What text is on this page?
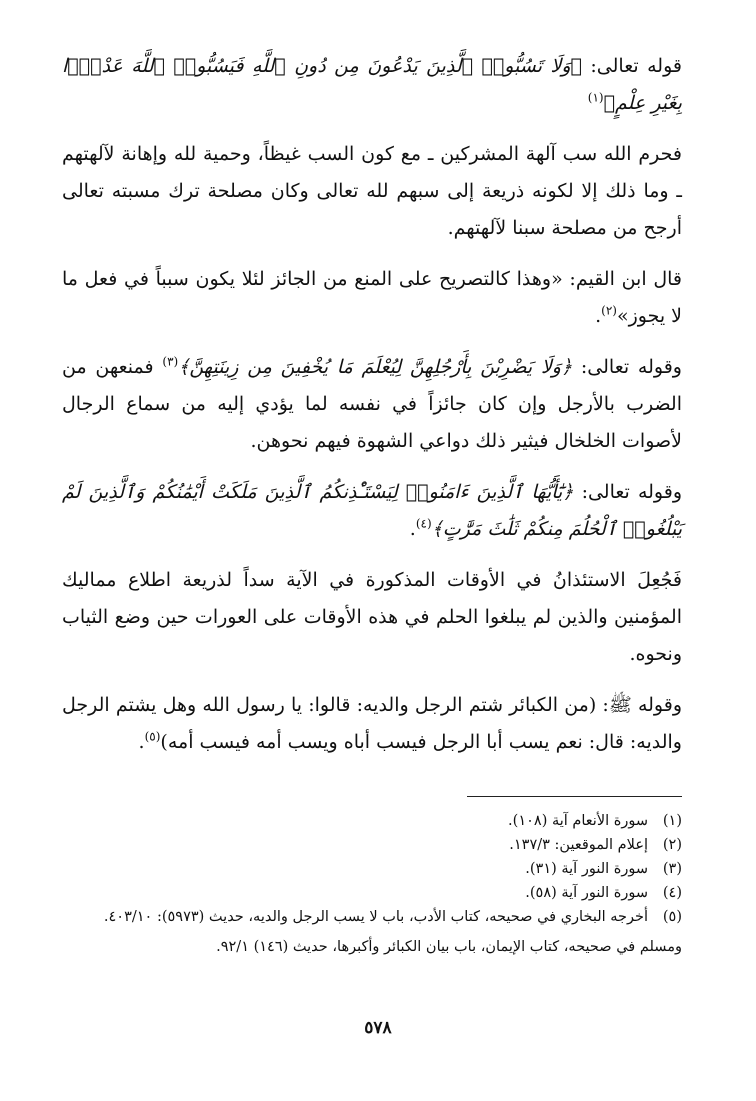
قوله تعالى: ﴿وَلَا تَسُبُّوا۟ ٱلَّذِينَ يَدْعُونَ مِن دُونِ ٱللَّهِ فَيَسُبُّوا۟ ٱللَّهَ عَدْوًۢا بِغَيْرِ عِلْمٍ﴾$^{(١)}$

فحرم الله سب آلهة المشركين ـ مع كون السب غيظاً، وحمية لله وإهانة لآلهتهم ـ وما ذلك إلا لكونه ذريعة إلى سبهم لله تعالى وكان مصلحة ترك مسبته تعالى أرجح من مصلحة سبنا لآلهتهم.

قال ابن القيم: «وهذا كالتصريح على المنع من الجائز لئلا يكون سبباً في فعل ما لا يجوز»$^{(٢)}$.

وقوله تعالى: ﴿وَلَا يَضْرِبْنَ بِأَرْجُلِهِنَّ لِيُعْلَمَ مَا يُخْفِينَ مِن زِينَتِهِنَّ﴾$^{(٣)}$ فمنعهن من الضرب بالأرجل وإن كان جائزاً في نفسه لما يؤدي إليه من سماع الرجال لأصوات الخلخال فيثير ذلك دواعي الشهوة فيهم نحوهن.

وقوله تعالى: ﴿يَٰٓأَيُّهَا ٱلَّذِينَ ءَامَنُوا۟ لِيَسْتَـْٔذِنكُمُ ٱلَّذِينَ مَلَكَتْ أَيْمَٰنُكُمْ وَٱلَّذِينَ لَمْ يَبْلُغُوا۟ ٱلْحُلُمَ مِنكُمْ ثَلَٰثَ مَرَّٰتٍ﴾$^{(٤)}$.

فَجُعِلَ الاستئذانُ في الأوقات المذكورة في الآية سداً لذريعة اطلاع مماليك المؤمنين والذين لم يبلغوا الحلم في هذه الأوقات على العورات حين وضع الثياب ونحوه.

وقوله ﷺ: (من الكبائر شتم الرجل والديه: قالوا: يا رسول الله وهل يشتم الرجل والديه: قال: نعم يسب أبا الرجل فيسب أباه ويسب أمه فيسب أمه)$^{(٥)}$.

(١)
سورة الأنعام آية (١٠٨).

(٢)
إعلام الموقعين: ١٣٧/٣.

(٣)
سورة النور آية (٣١).

(٤)
سورة النور آية (٥٨).

(٥)
أخرجه البخاري في صحيحه، كتاب الأدب، باب لا يسب الرجل والديه، حديث (٥٩٧٣): ٤٠٣/١٠.

ومسلم في صحيحه، كتاب الإيمان، باب بيان الكبائر وأكبرها، حديث (١٤٦) ٩٢/١.

٥٧٨
